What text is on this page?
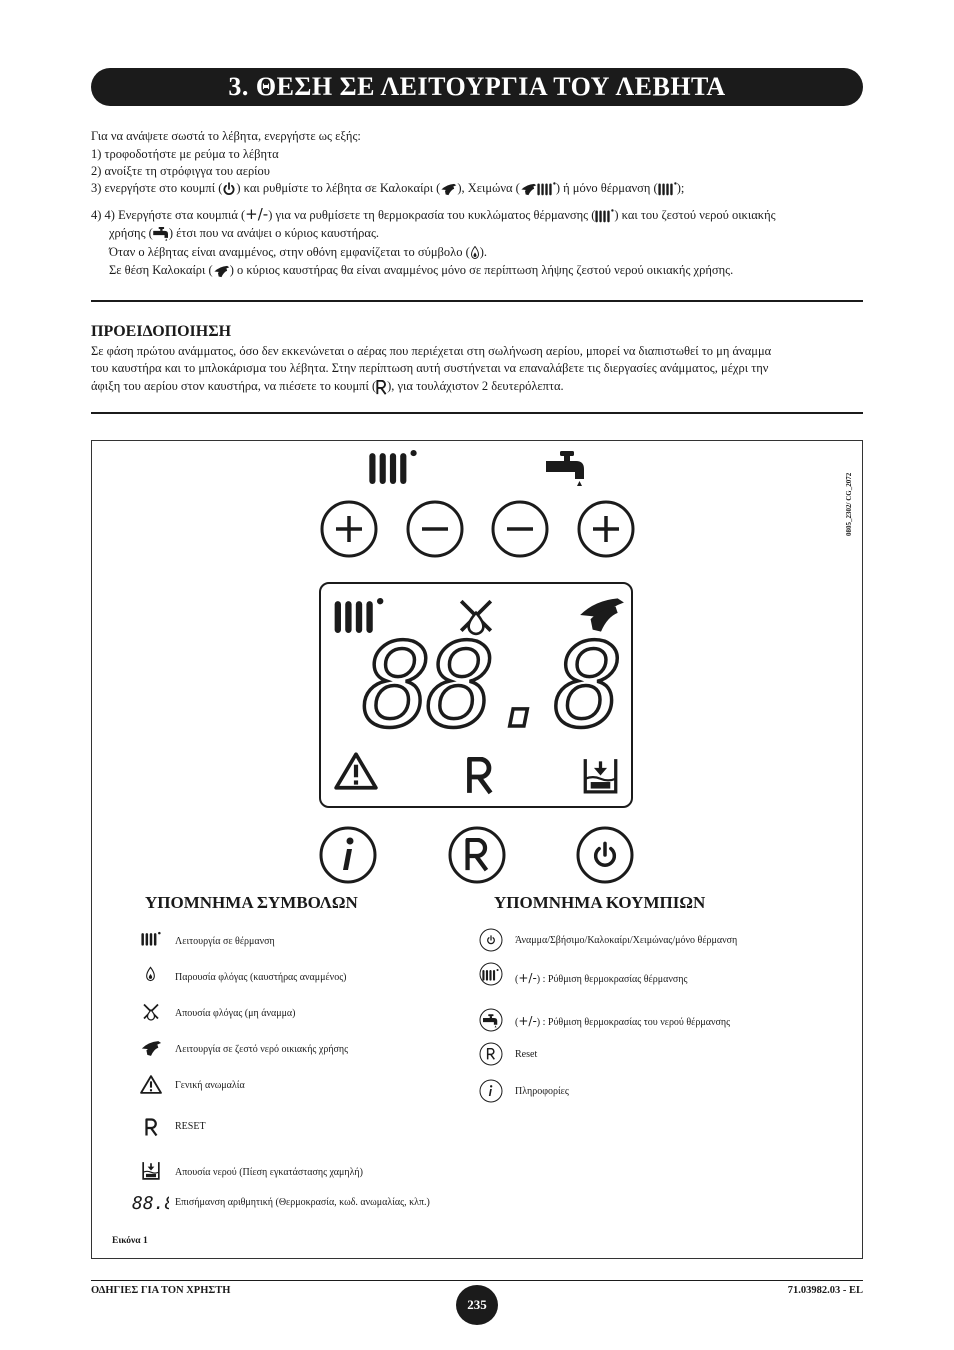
3. ΘΕΣΗ ΣΕ ΛΕΙΤΟΥΡΓΙΑ ΤΟΥ ΛΕΒΗΤΑ
Για να ανάψετε σωστά το λέβητα, ενεργήστε ως εξής:
1) τροφοδοτήστε με ρεύμα το λέβητα
2) ανοίξτε τη στρόφιγγα του αερίου
3) ενεργήστε στο κουμπί ( ) και ρυθμίστε το λέβητα σε Καλοκαίρι ( ), Χειμώνα (	) ή μόνο θέρμανση ( );
4) 4) Ενεργήστε στα κουμπιά (+/-) για να ρυθμίσετε τη θερμοκρασία του κυκλώματος θέρμανσης ( ) και του ζεστού νερού οικιακής
χρήσης ( ) έτσι που να ανάψει ο κύριος καυστήρας.
Όταν ο λέβητας είναι αναμμένος, στην οθόνη εμφανίζεται το σύμβολο ( ).
Σε θέση Καλοκαίρι ( ) ο κύριος καυστήρας θα είναι αναμμένος μόνο σε περίπτωση λήψης ζεστού νερού οικιακής χρήσης.
ΠΡΟΕΙΔΟΠΟΙΗΣΗ
Σε φάση πρώτου ανάμματος, όσο δεν εκκενώνεται ο αέρας που περιέχεται στη σωλήνωση αερίου, μπορεί να διαπιστωθεί το μη άναμμα
του καυστήρα και το μπλοκάρισμα του λέβητα. Στην περίπτωση αυτή συστήνεται να επαναλάβετε τις διεργασίες ανάμματος, μέχρι την
άφιξη του αερίου στον καυστήρα, να πιέσετε το κουμπί ( ), για τουλάχιστον 2 δευτερόλεπτα.
0805_2302/ CG_2072
88.8
ΥΠΟΜΝΗΜΑ ΣΥΜΒΟΛΩΝ
Λειτουργία σε θέρμανση
Παρουσία φλόγας (καυστήρας αναμμένος)
Απουσία φλόγας (μη άναμμα)
Λειτουργία σε ζεστό νερό οικιακής χρήσης
Γενική ανωμαλία
RESET
Απουσία νερού (Πίεση εγκατάστασης χαμηλή)
Επισήμανση αριθμητική (Θερμοκρασία, κωδ. ανωμαλίας, κλπ.)
ΥΠΟΜΝΗΜΑ ΚΟΥΜΠΙΩΝ
Άναμμα/Σβήσιμο/Καλοκαίρι/Χειμώνας/μόνο θέρμανση
(+/-) : Ρύθμιση θερμοκρασίας θέρμανσης
(+/-) : Ρύθμιση θερμοκρασίας του νερού θέρμανσης
Reset
Πληροφορίες
Εικόνα 1
ΟΔΗΓΙΕΣ ΓΙΑ ΤΟΝ ΧΡΗΣΤΗ	71.03982.03 - EL
235
